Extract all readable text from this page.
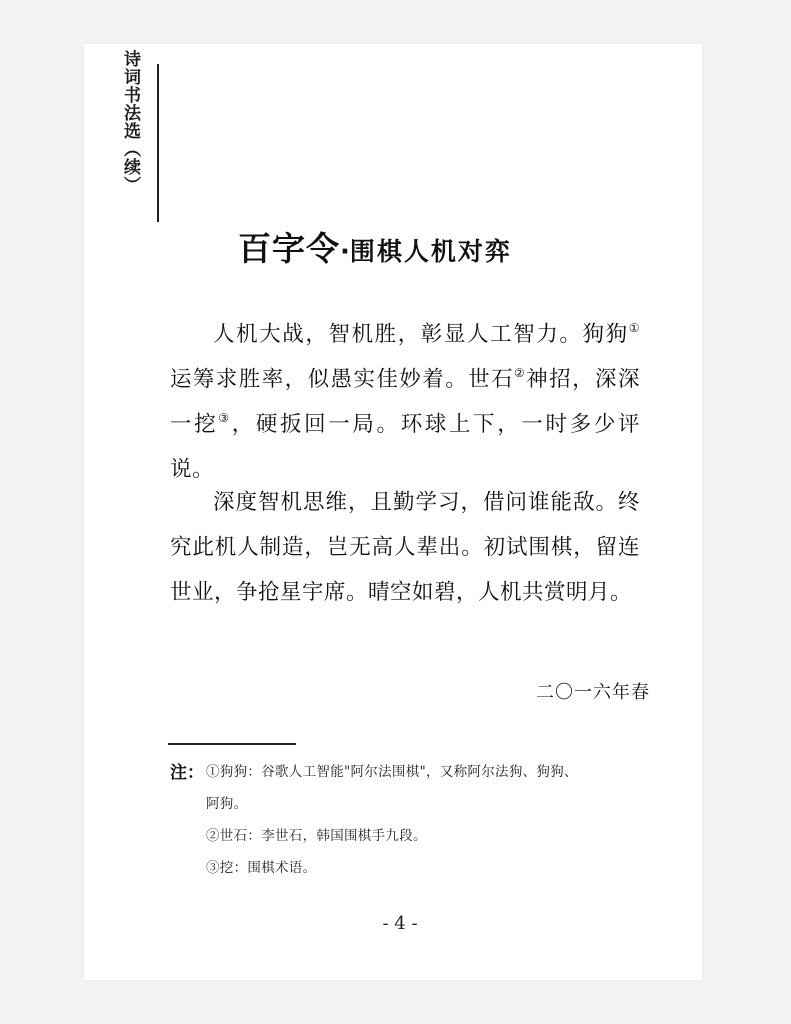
诗词书法选（续）
百字令·围棋人机对弈

人机大战，智机胜，彰显人工智力。狗狗①运筹求胜率，似愚实佳妙着。世石②神招，深深一挖③，硬扳回一局。环球上下，一时多少评说。

深度智机思维，且勤学习，借问谁能敌。终究此机人制造，岂无高人辈出。初试围棋，留连世业，争抢星宇席。晴空如碧，人机共赏明月。

二〇一六年春
注： ①狗狗：谷歌人工智能"阿尔法围棋"，又称阿尔法狗、狗狗、
阿狗。
②世石：李世石，韩国围棋手九段。
③挖：围棋术语。
- 4 -
